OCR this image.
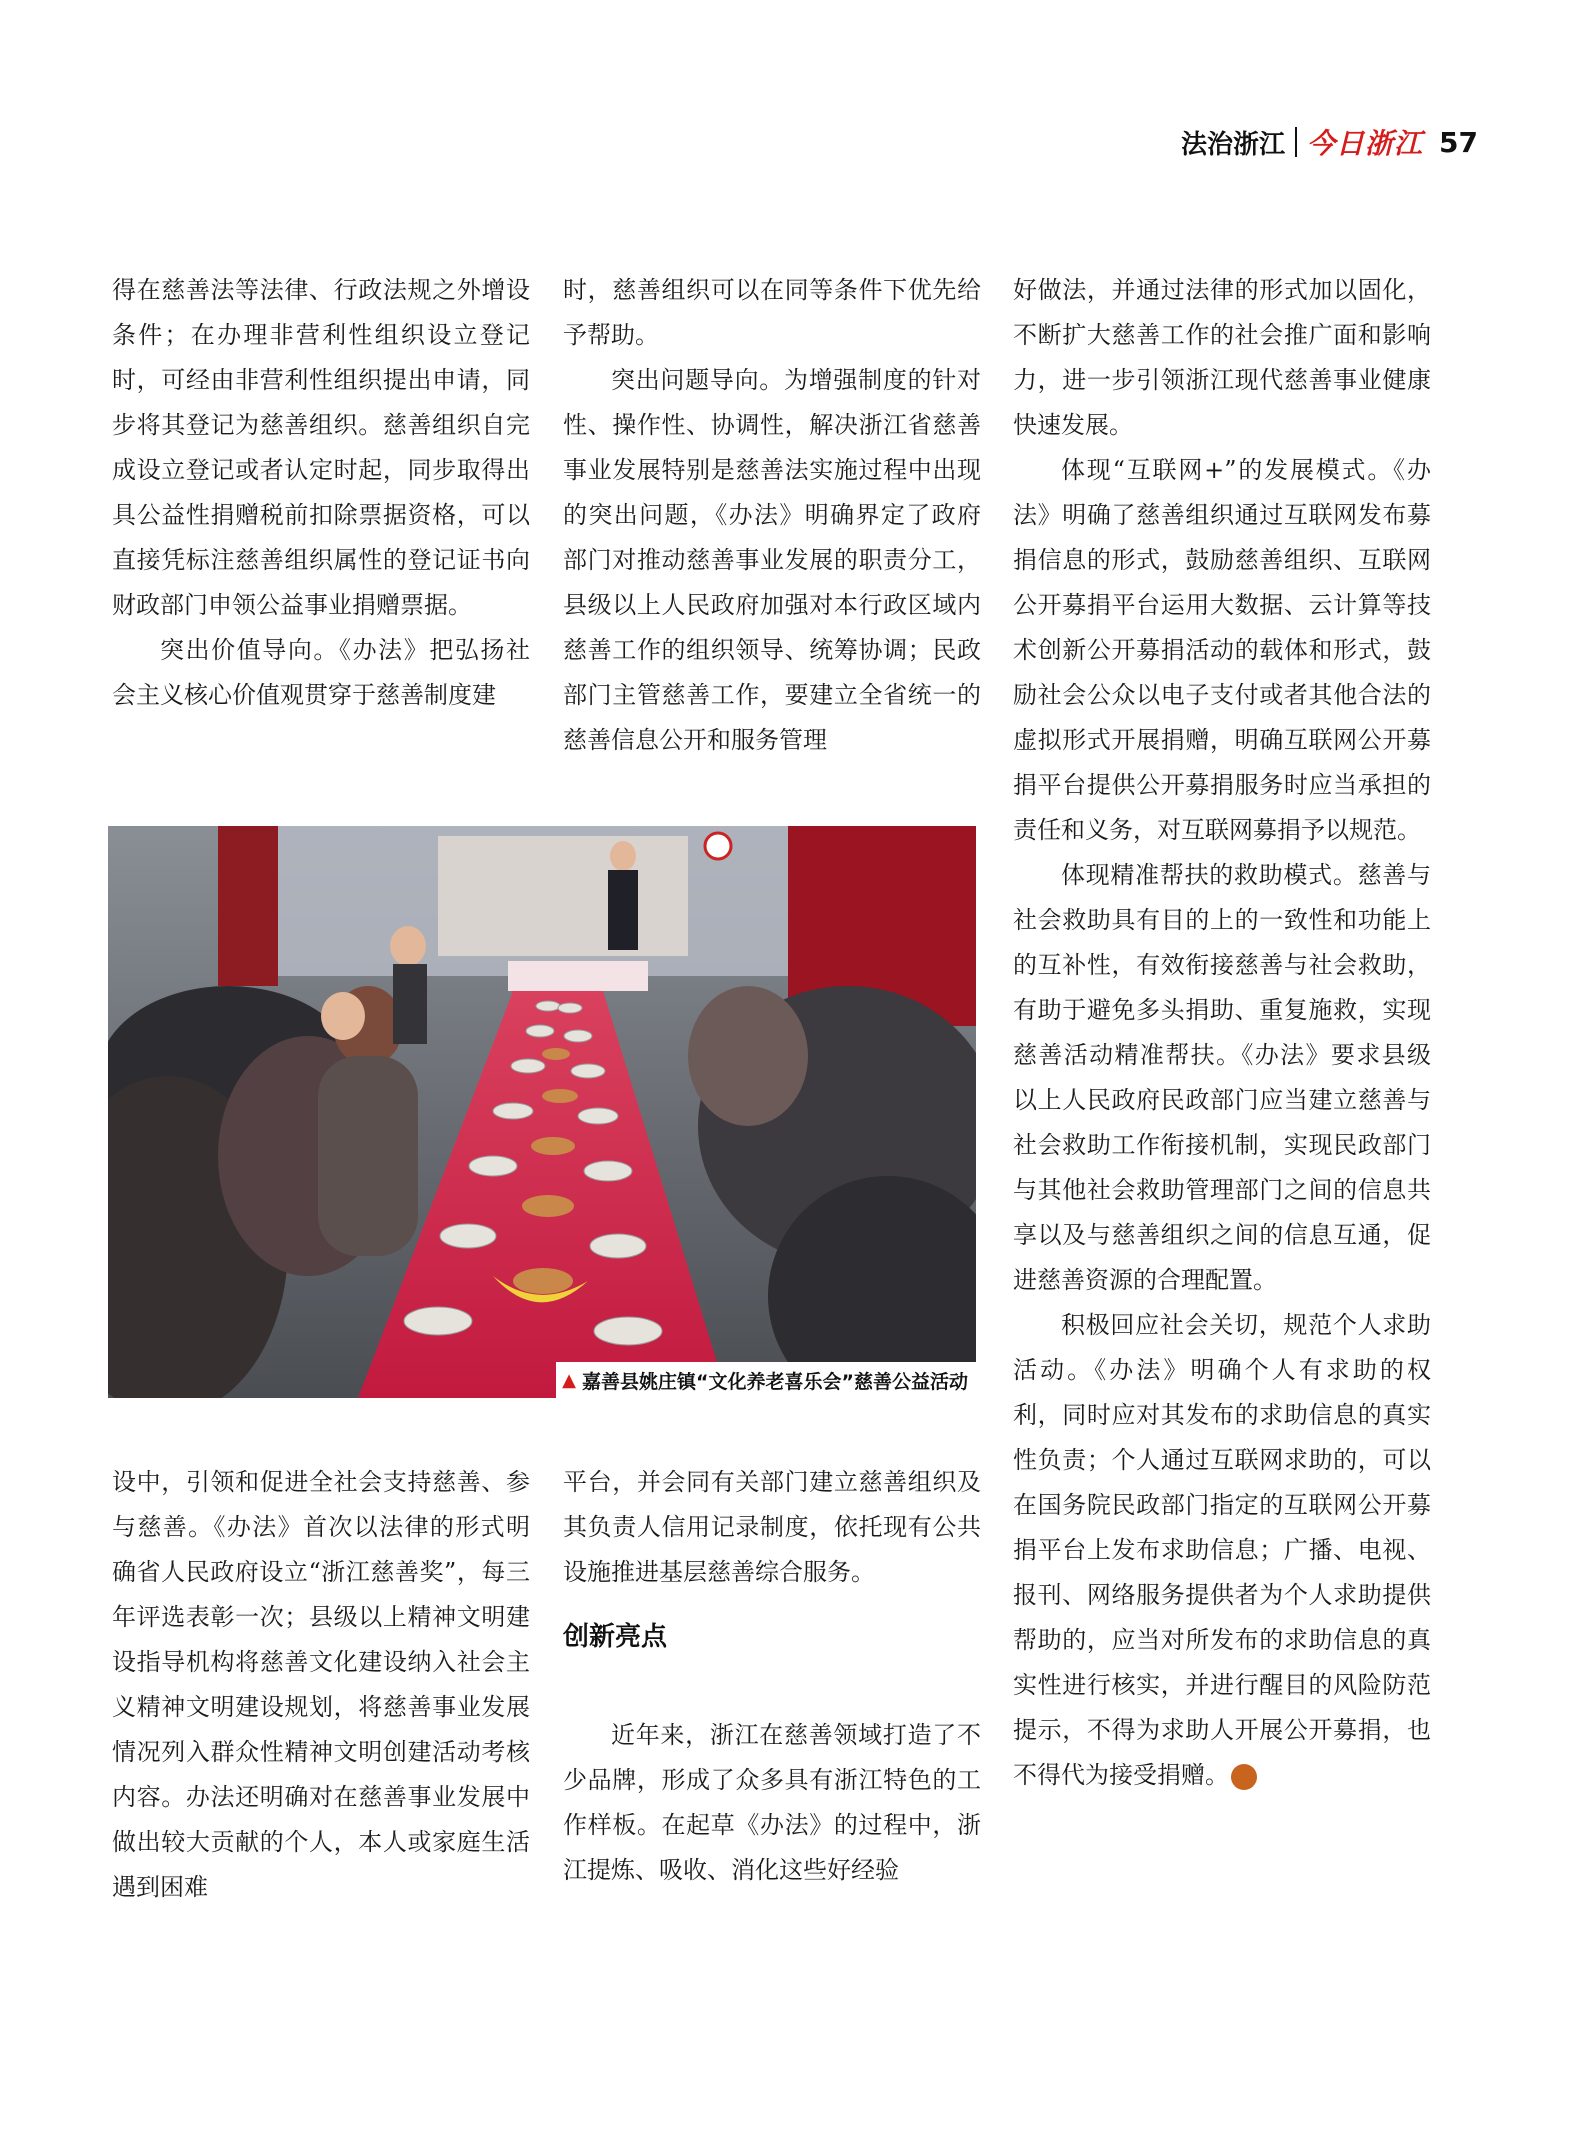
法治浙江 今日浙江 57

得在慈善法等法律、行政法规之外增设条件；在办理非营利性组织设立登记时，可经由非营利性组织提出申请，同步将其登记为慈善组织。慈善组织自完成设立登记或者认定时起，同步取得出具公益性捐赠税前扣除票据资格，可以直接凭标注慈善组织属性的登记证书向财政部门申领公益事业捐赠票据。

突出价值导向。《办法》把弘扬社会主义核心价值观贯穿于慈善制度建

时，慈善组织可以在同等条件下优先给予帮助。

突出问题导向。为增强制度的针对性、操作性、协调性，解决浙江省慈善事业发展特别是慈善法实施过程中出现的突出问题，《办法》明确界定了政府部门对推动慈善事业发展的职责分工，县级以上人民政府加强对本行政区域内慈善工作的组织领导、统筹协调；民政部门主管慈善工作，要建立全省统一的慈善信息公开和服务管理

好做法，并通过法律的形式加以固化，不断扩大慈善工作的社会推广面和影响力，进一步引领浙江现代慈善事业健康快速发展。

体现“互联网+”的发展模式。《办法》明确了慈善组织通过互联网发布募捐信息的形式，鼓励慈善组织、互联网公开募捐平台运用大数据、云计算等技术创新公开募捐活动的载体和形式，鼓励社会公众以电子支付或者其他合法的虚拟形式开展捐赠，明确互联网公开募捐平台提供公开募捐服务时应当承担的责任和义务，对互联网募捐予以规范。

体现精准帮扶的救助模式。慈善与社会救助具有目的上的一致性和功能上的互补性，有效衔接慈善与社会救助，有助于避免多头捐助、重复施救，实现慈善活动精准帮扶。《办法》要求县级以上人民政府民政部门应当建立慈善与社会救助工作衔接机制，实现民政部门与其他社会救助管理部门之间的信息共享以及与慈善组织之间的信息互通，促进慈善资源的合理配置。

积极回应社会关切，规范个人求助活动。《办法》明确个人有求助的权利，同时应对其发布的求助信息的真实性负责；个人通过互联网求助的，可以在国务院民政部门指定的互联网公开募捐平台上发布求助信息；广播、电视、报刊、网络服务提供者为个人求助提供帮助的，应当对所发布的求助信息的真实性进行核实，并进行醒目的风险防范提示，不得为求助人开展公开募捐，也不得代为接受捐赠。	今

▲ 嘉善县姚庄镇“文化养老喜乐会”慈善公益活动

设中，引领和促进全社会支持慈善、参与慈善。《办法》首次以法律的形式明确省人民政府设立“浙江慈善奖”，每三年评选表彰一次；县级以上精神文明建设指导机构将慈善文化建设纳入社会主义精神文明建设规划，将慈善事业发展情况列入群众性精神文明创建活动考核内容。办法还明确对在慈善事业发展中做出较大贡献的个人，本人或家庭生活遇到困难

平台，并会同有关部门建立慈善组织及其负责人信用记录制度，依托现有公共设施推进基层慈善综合服务。

创新亮点

近年来，浙江在慈善领域打造了不少品牌，形成了众多具有浙江特色的工作样板。在起草《办法》的过程中，浙江提炼、吸收、消化这些好经验
